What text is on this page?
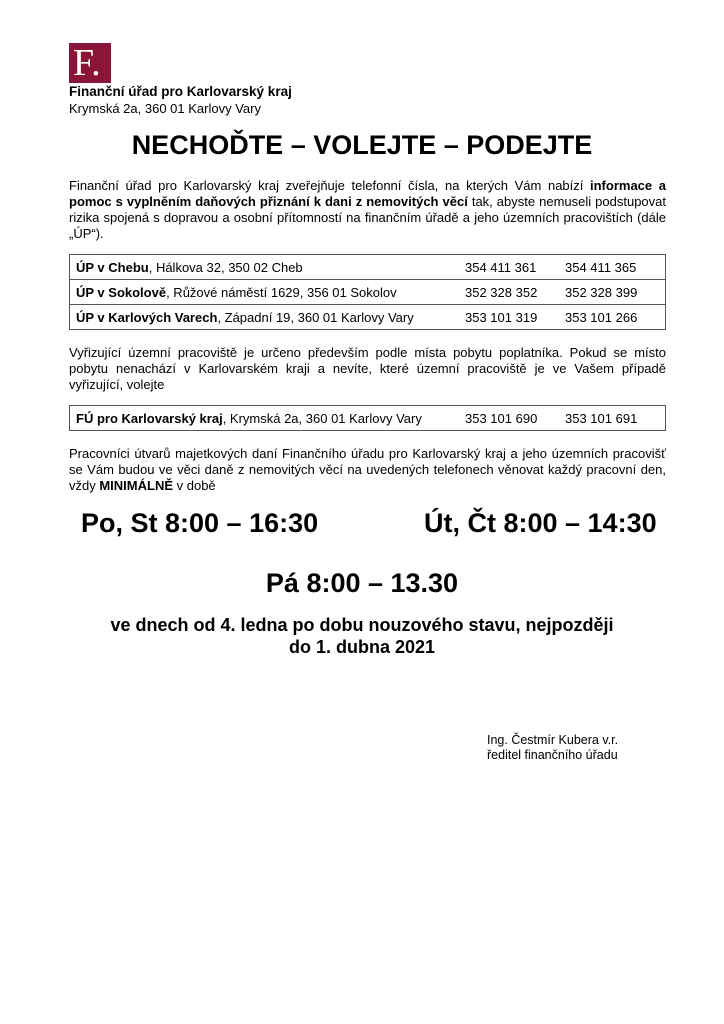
F.
Finanční úřad pro Karlovarský kraj
Krymská 2a, 360 01 Karlovy Vary
NECHOĎTE – VOLEJTE – PODEJTE
Finanční úřad pro Karlovarský kraj zveřejňuje telefonní čísla, na kterých Vám nabízí informace a pomoc s vyplněním daňových přiznání k dani z nemovitých věcí tak, abyste nemuseli podstupovat rizika spojená s dopravou a osobní přítomností na finančním úřadě a jeho územních pracovištích (dále „ÚP“).
ÚP v Chebu, Hálkova 32, 350 02 Cheb	354 411 361	354 411 365
ÚP v Sokolově, Růžové náměstí 1629, 356 01 Sokolov	352 328 352	352 328 399
ÚP v Karlových Varech, Západní 19, 360 01 Karlovy Vary	353 101 319	353 101 266
Vyřizující územní pracoviště je určeno především podle místa pobytu poplatníka. Pokud se místo pobytu nenachází v Karlovarském kraji a nevíte, které územní pracoviště je ve Vašem případě vyřizující, volejte
FÚ pro Karlovarský kraj, Krymská 2a, 360 01 Karlovy Vary	353 101 690	353 101 691
Pracovníci útvarů majetkových daní Finančního úřadu pro Karlovarský kraj a jeho územních pracovišť se Vám budou ve věci daně z nemovitých věcí na uvedených telefonech věnovat každý pracovní den, vždy MINIMÁLNĚ v době
Po, St 8:00 – 16:30	Út, Čt 8:00 – 14:30
Pá 8:00 – 13.30
ve dnech od 4. ledna po dobu nouzového stavu, nejpozději
do 1. dubna 2021
Ing. Čestmír Kubera v.r.
ředitel finančního úřadu
